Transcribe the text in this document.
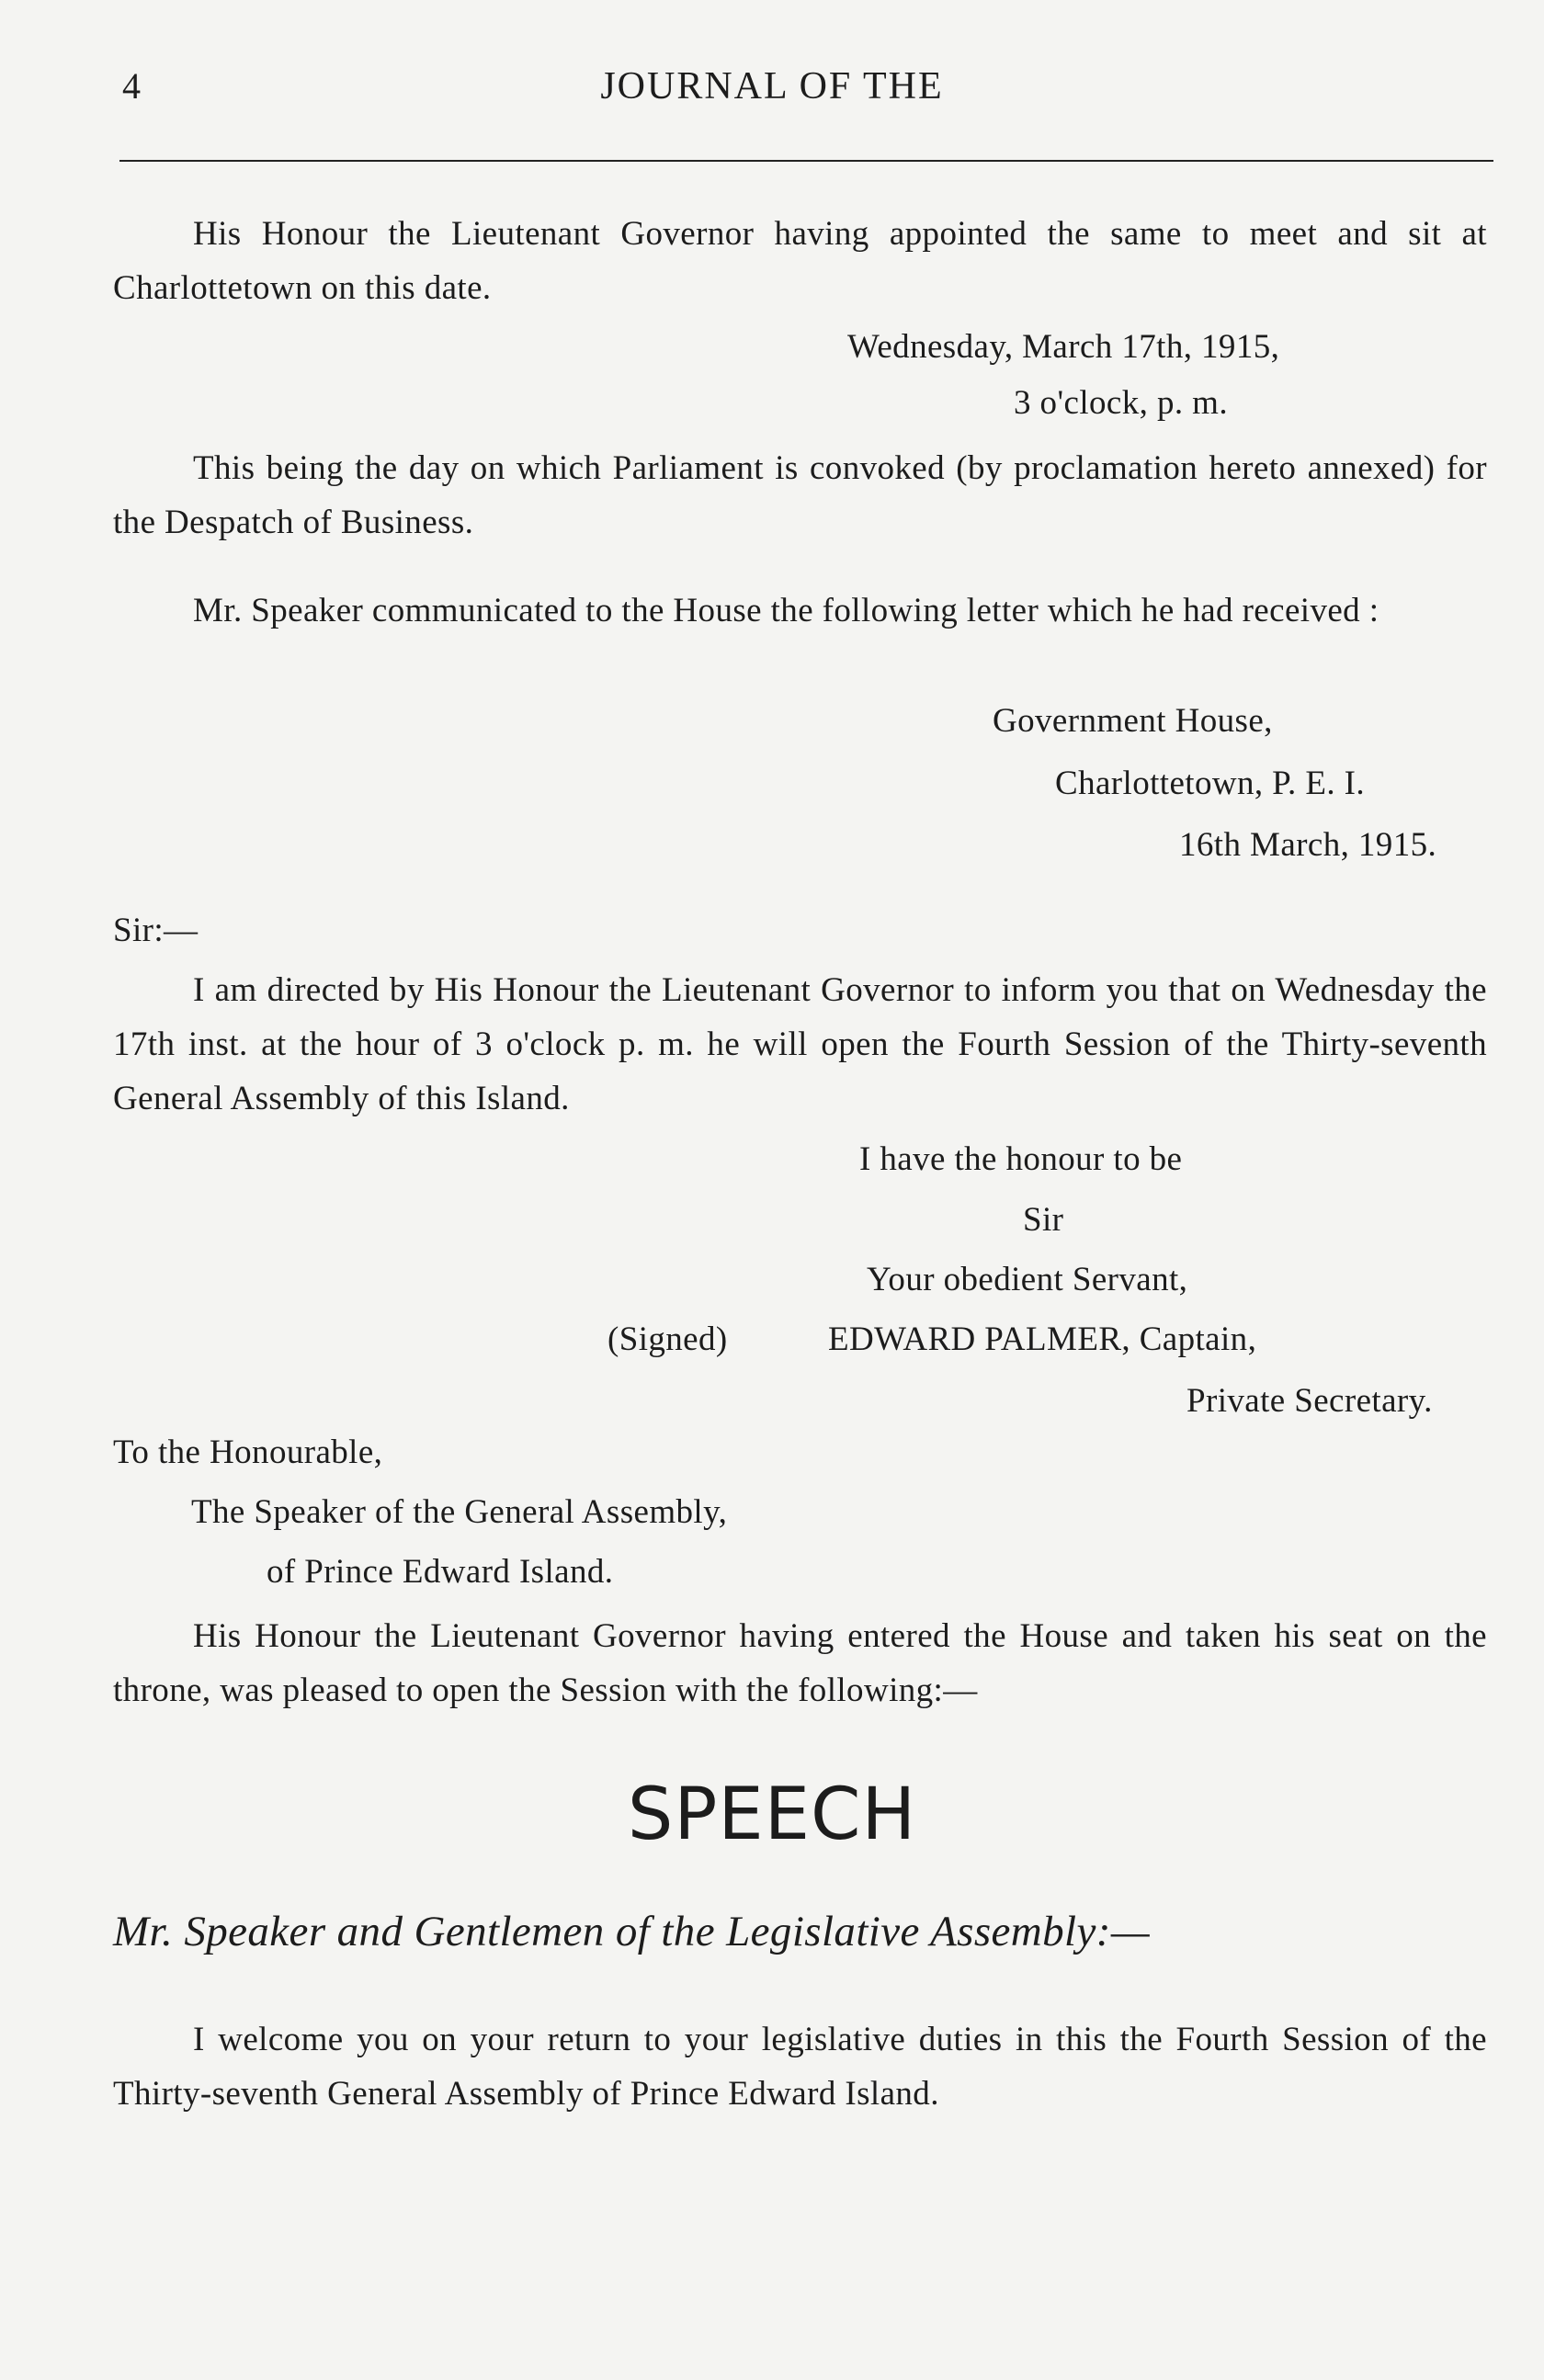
4	JOURNAL OF THE
His Honour the Lieutenant Governor having appointed the same to meet and sit at Charlottetown on this date.
Wednesday, March 17th, 1915,
3 o'clock, p. m.
This being the day on which Parliament is convoked (by proclamation hereto annexed) for the Despatch of Business.
Mr. Speaker communicated to the House the following letter which he had received :
Government House,
Charlottetown, P. E. I.
16th March, 1915.
Sir:—
I am directed by His Honour the Lieutenant Governor to inform you that on Wednesday the 17th inst. at the hour of 3 o'clock p. m. he will open the Fourth Session of the Thirty-seventh General Assembly of this Island.
I have the honour to be
Sir
Your obedient Servant,
(Signed)	EDWARD PALMER, Captain,
Private Secretary.
To the Honourable,
The Speaker of the General Assembly,
of Prince Edward Island.
His Honour the Lieutenant Governor having entered the House and taken his seat on the throne, was pleased to open the Session with the following:—
SPEECH
Mr. Speaker and Gentlemen of the Legislative Assembly:—
I welcome you on your return to your legislative duties in this the Fourth Session of the Thirty-seventh General Assembly of Prince Edward Island.
